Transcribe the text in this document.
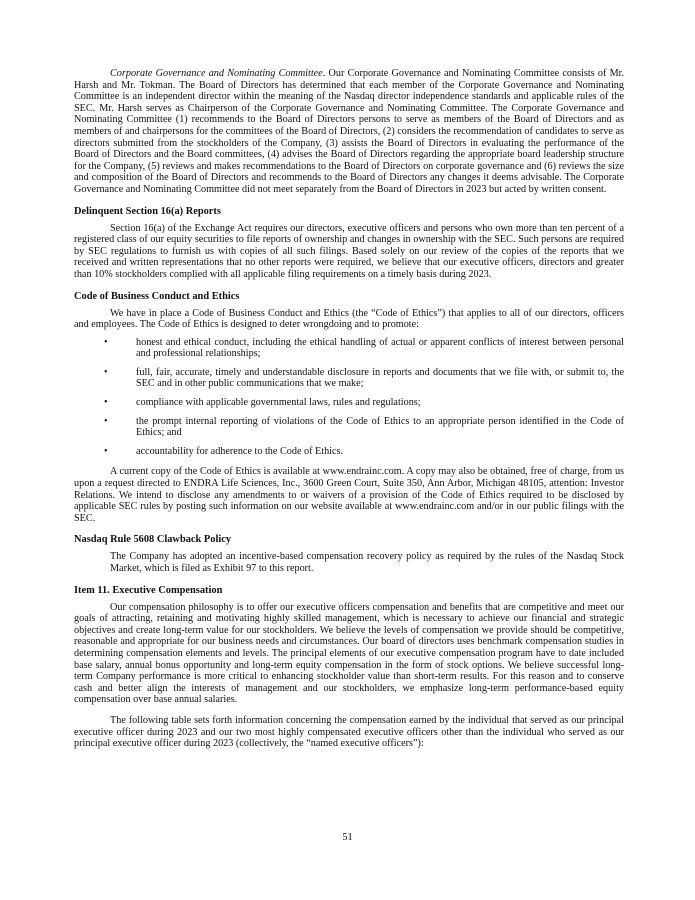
Corporate Governance and Nominating Committee. Our Corporate Governance and Nominating Committee consists of Mr. Harsh and Mr. Tokman. The Board of Directors has determined that each member of the Corporate Governance and Nominating Committee is an independent director within the meaning of the Nasdaq director independence standards and applicable rules of the SEC. Mr. Harsh serves as Chairperson of the Corporate Governance and Nominating Committee. The Corporate Governance and Nominating Committee (1) recommends to the Board of Directors persons to serve as members of the Board of Directors and as members of and chairpersons for the committees of the Board of Directors, (2) considers the recommendation of candidates to serve as directors submitted from the stockholders of the Company, (3) assists the Board of Directors in evaluating the performance of the Board of Directors and the Board committees, (4) advises the Board of Directors regarding the appropriate board leadership structure for the Company, (5) reviews and makes recommendations to the Board of Directors on corporate governance and (6) reviews the size and composition of the Board of Directors and recommends to the Board of Directors any changes it deems advisable. The Corporate Governance and Nominating Committee did not meet separately from the Board of Directors in 2023 but acted by written consent.

Delinquent Section 16(a) Reports

Section 16(a) of the Exchange Act requires our directors, executive officers and persons who own more than ten percent of a registered class of our equity securities to file reports of ownership and changes in ownership with the SEC. Such persons are required by SEC regulations to furnish us with copies of all such filings. Based solely on our review of the copies of the reports that we received and written representations that no other reports were required, we believe that our executive officers, directors and greater than 10% stockholders complied with all applicable filing requirements on a timely basis during 2023.

Code of Business Conduct and Ethics

We have in place a Code of Business Conduct and Ethics (the “Code of Ethics”) that applies to all of our directors, officers and employees. The Code of Ethics is designed to deter wrongdoing and to promote:

•	honest and ethical conduct, including the ethical handling of actual or apparent conflicts of interest between personal and professional relationships;
•	full, fair, accurate, timely and understandable disclosure in reports and documents that we file with, or submit to, the SEC and in other public communications that we make;
•	compliance with applicable governmental laws, rules and regulations;
•	the prompt internal reporting of violations of the Code of Ethics to an appropriate person identified in the Code of Ethics; and
•	accountability for adherence to the Code of Ethics.

A current copy of the Code of Ethics is available at www.endrainc.com. A copy may also be obtained, free of charge, from us upon a request directed to ENDRA Life Sciences, Inc., 3600 Green Court, Suite 350, Ann Arbor, Michigan 48105, attention: Investor Relations. We intend to disclose any amendments to or waivers of a provision of the Code of Ethics required to be disclosed by applicable SEC rules by posting such information on our website available at www.endrainc.com and/or in our public filings with the SEC.

Nasdaq Rule 5608 Clawback Policy

The Company has adopted an incentive-based compensation recovery policy as required by the rules of the Nasdaq Stock Market, which is filed as Exhibit 97 to this report.

Item 11. Executive Compensation

Our compensation philosophy is to offer our executive officers compensation and benefits that are competitive and meet our goals of attracting, retaining and motivating highly skilled management, which is necessary to achieve our financial and strategic objectives and create long-term value for our stockholders. We believe the levels of compensation we provide should be competitive, reasonable and appropriate for our business needs and circumstances. Our board of directors uses benchmark compensation studies in determining compensation elements and levels. The principal elements of our executive compensation program have to date included base salary, annual bonus opportunity and long-term equity compensation in the form of stock options. We believe successful long-term Company performance is more critical to enhancing stockholder value than short-term results. For this reason and to conserve cash and better align the interests of management and our stockholders, we emphasize long-term performance-based equity compensation over base annual salaries.

The following table sets forth information concerning the compensation earned by the individual that served as our principal executive officer during 2023 and our two most highly compensated executive officers other than the individual who served as our principal executive officer during 2023 (collectively, the “named executive officers”):

51
